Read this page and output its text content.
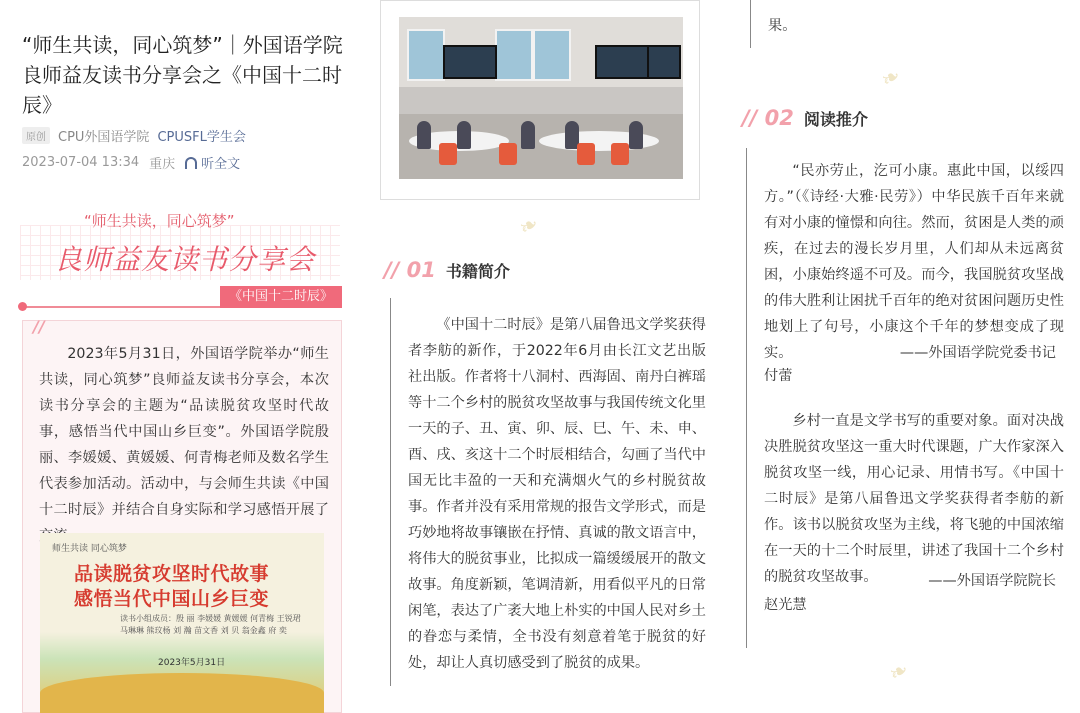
“师生共读，同心筑梦”｜外国语学院良师益友读书分享会之《中国十二时辰》
原创 CPU外国语学院 CPUSFL学生会
2023-07-04 13:34 重庆 听全文
“师生共读，同心筑梦”
良师益友读书分享会
《中国十二时辰》
//

2023年5月31日，外国语学院举办“师生共读，同心筑梦”良师益友读书分享会，本次读书分享会的主题为“品读脱贫攻坚时代故事，感悟当代中国山乡巨变”。外国语学院殷丽、李媛媛、黄媛媛、何青梅老师及数名学生代表参加活动。活动中，与会师生共读《中国十二时辰》并结合自身实际和学习感悟开展了

师生共读 同心筑梦
品读脱贫攻坚时代故事
感悟当代中国山乡巨变
读书小组成员：殷 丽 李媛媛 黄媛媛 何青梅 王锐珺 马琳琳 熊玟杨 刘 瀚 苗文香 刘 贝 翁金鑫 府 奕
2023年5月31日
❧
// 01 书籍简介

《中国十二时辰》是第八届鲁迅文学奖获得者李舫的新作，于2022年6月由长江文艺出版社出版。作者将十八洞村、西海固、南丹白裤瑶等十二个乡村的脱贫攻坚故事与我国传统文化里一天的子、丑、寅、卯、辰、巳、午、未、申、酉、戌、亥这十二个时辰相结合，勾画了当代中国无比丰盈的一天和充满烟火气的乡村脱贫故事。作者并没有采用常规的报告文学形式，而是巧妙地将故事镶嵌在抒情、真诚的散文语言中，将伟大的脱贫事业，比拟成一篇缓缓展开的散文故事。角度新颖，笔调清新，用看似平凡的日常闲笔，表达了广袤大地上朴实的中国人民对乡土的眷恋与柔情，全书没有刻意着笔于脱贫的好处，却让人真切感受到了脱贫的成果。

果。
❧
// 02 阅读推介

“民亦劳止，汔可小康。惠此中国，以绥四方。”（《诗经·大雅·民劳》）中华民族千百年来就有对小康的憧憬和向往。然而，贫困是人类的顽疾，在过去的漫长岁月里，人们却从未远离贫困，小康始终遥不可及。而今，我国脱贫攻坚战的伟大胜利让困扰千百年的绝对贫困问题历史性地划上了句号，小康这个千年的梦想变成了现实。	——外国语学院党委书记
付蕾

乡村一直是文学书写的重要对象。面对决战决胜脱贫攻坚这一重大时代课题，广大作家深入脱贫攻坚一线，用心记录、用情书写。《中国十二时辰》是第八届鲁迅文学奖获得者李舫的新作。该书以脱贫攻坚为主线，将飞驰的中国浓缩在一天的十二个时辰里，讲述了我国十二个乡村的脱贫攻坚故事。	——外国语学院院长
赵光慧
❧
